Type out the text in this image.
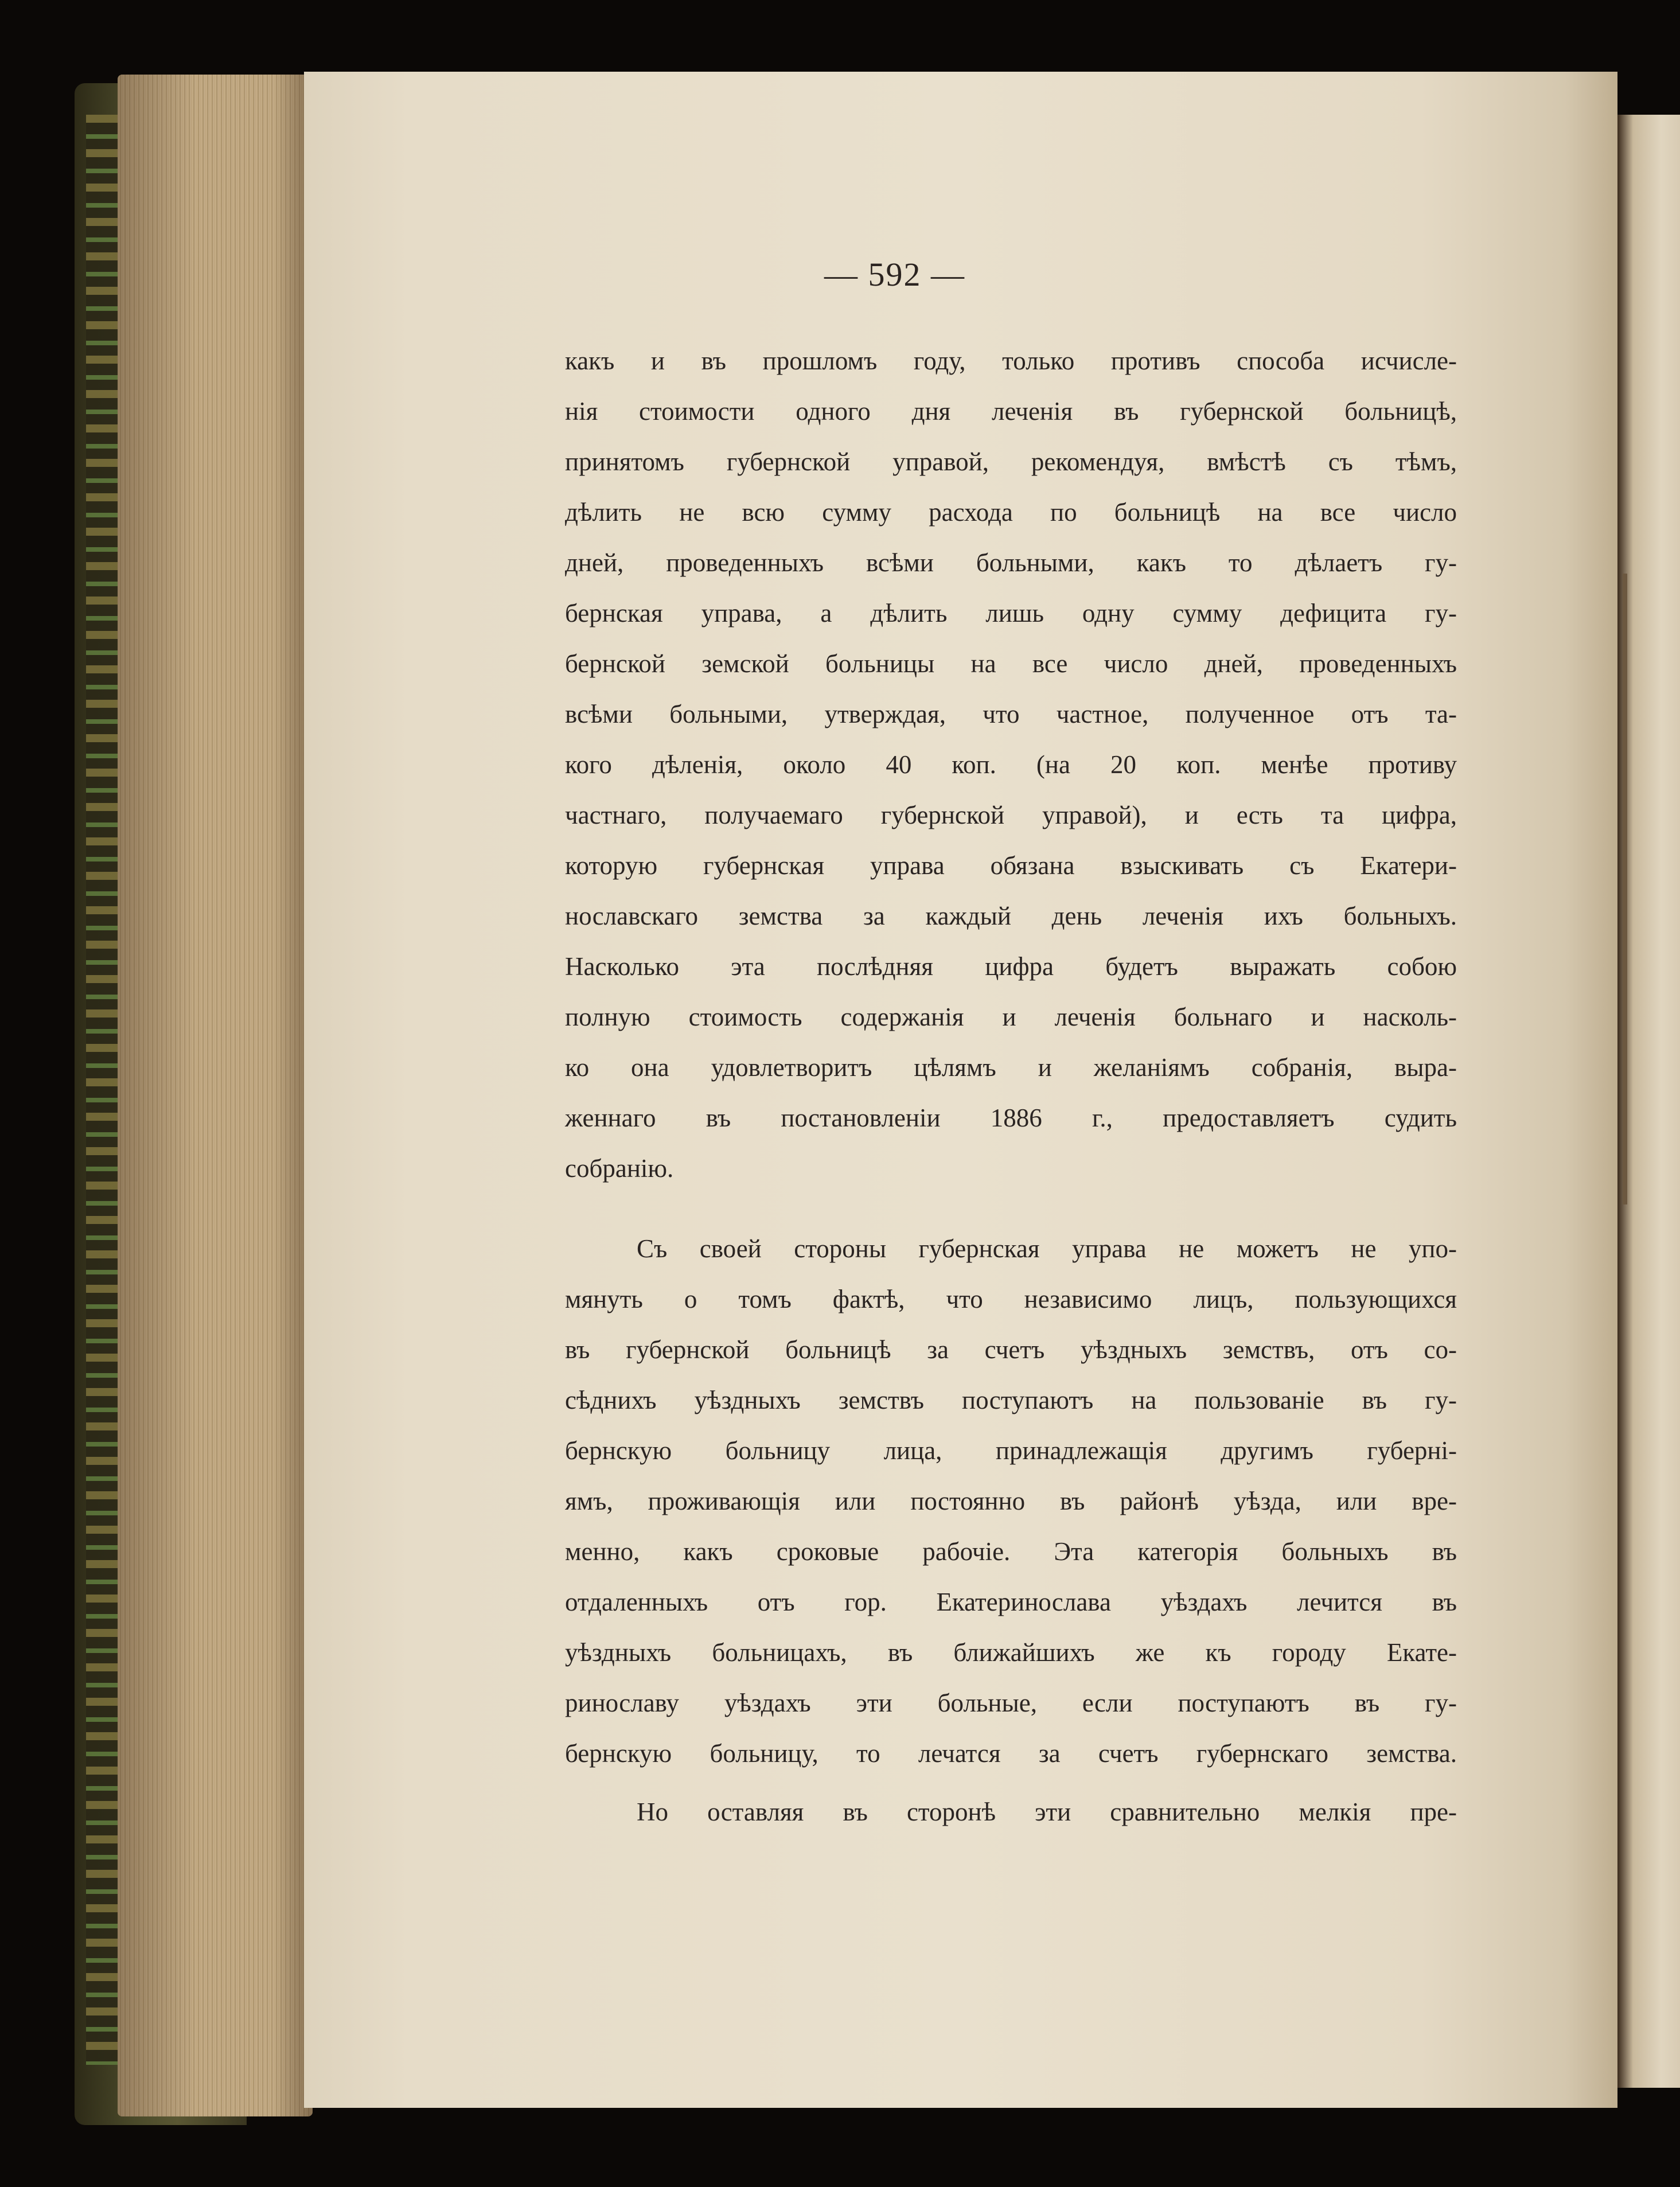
— 592 —
какъ и въ прошломъ году, только противъ способа исчисле-
нія стоимости одного дня леченія въ губернской больницѣ,
принятомъ губернской управой, рекомендуя, вмѣстѣ съ тѣмъ,
дѣлить не всю сумму расхода по больницѣ на все число
дней, проведенныхъ всѣми больными, какъ то дѣлаетъ гу-
бернская управа, а дѣлить лишь одну сумму дефицита гу-
бернской земской больницы на все число дней, проведенныхъ
всѣми больными, утверждая, что частное, полученное отъ та-
кого дѣленія, около 40 коп. (на 20 коп. менѣе противу
частнаго, получаемаго губернской управой), и есть та цифра,
которую губернская управа обязана взыскивать съ Екатери-
нославскаго земства за каждый день леченія ихъ больныхъ.
Насколько эта послѣдняя цифра будетъ выражать собою
полную стоимость содержанія и леченія больнаго и насколь-
ко она удовлетворитъ цѣлямъ и желаніямъ собранія, выра-
женнаго въ постановленіи 1886 г., предоставляетъ судить
собранію.
Съ своей стороны губернская управа не можетъ не упо-
мянуть о томъ фактѣ, что независимо лицъ, пользующихся
въ губернской больницѣ за счетъ уѣздныхъ земствъ, отъ со-
сѣднихъ уѣздныхъ земствъ поступаютъ на пользованіе въ гу-
бернскую больницу лица, принадлежащія другимъ губерні-
ямъ, проживающія или постоянно въ районѣ уѣзда, или вре-
менно, какъ сроковые рабочіе. Эта категорія больныхъ въ
отдаленныхъ отъ гор. Екатеринослава уѣздахъ лечится въ
уѣздныхъ больницахъ, въ ближайшихъ же къ городу Екате-
ринославу уѣздахъ эти больные, если поступаютъ въ гу-
бернскую больницу, то лечатся за счетъ губернскаго земства.
Но оставляя въ сторонѣ эти сравнительно мелкія пре-
